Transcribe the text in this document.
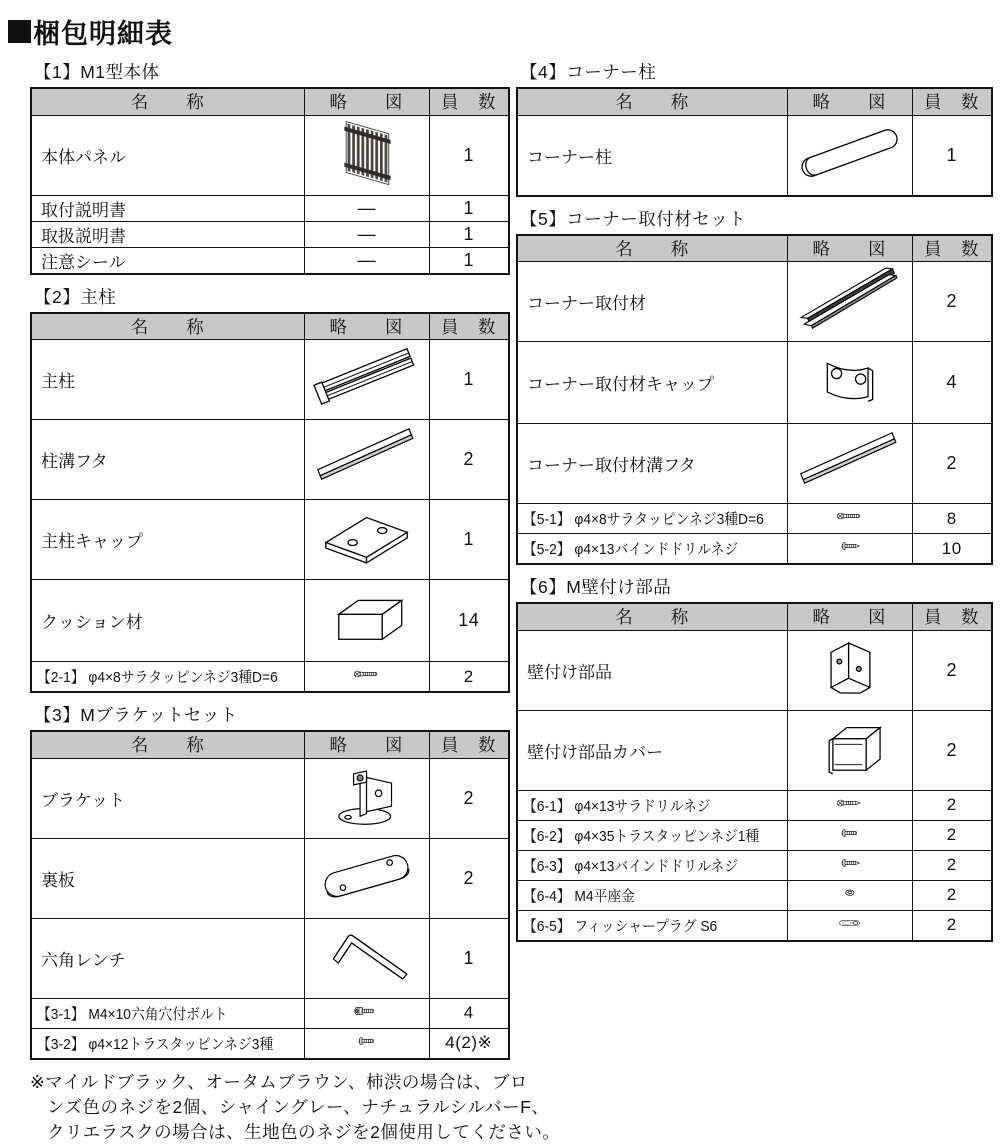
梱包明細表
【1】M1型本体
名　　称	略　　図	員　数
本体パネル		1
取付説明書	—	1
取扱説明書	—	1
注意シール	—	1
【2】主柱
名　　称	略　　図	員　数
主柱		1
柱溝フタ		2
主柱キャップ		1
クッション材		14
【2-1】 φ4×8サラタッピンネジ3種D=6		2
【3】Mブラケットセット
名　　称	略　　図	員　数
ブラケット		2
裏板		2
六角レンチ		1
【3-1】 M4×10六角穴付ボルト		4
【3-2】 φ4×12トラスタッピンネジ3種		4(2)※
【4】コーナー柱
名　　称	略　　図	員　数
コーナー柱		1
【5】コーナー取付材セット
名　　称	略　　図	員　数
コーナー取付材		2
コーナー取付材キャップ		4
コーナー取付材溝フタ		2
【5-1】 φ4×8サラタッピンネジ3種D=6		8
【5-2】 φ4×13バインドドリルネジ		10
【6】M壁付け部品
名　　称	略　　図	員　数
壁付け部品		2
壁付け部品カバー		2
【6-1】 φ4×13サラドリルネジ		2
【6-2】 φ4×35トラスタッピンネジ1種		2
【6-3】 φ4×13バインドドリルネジ		2
【6-4】 M4平座金		2
【6-5】 フィッシャープラグ S6		2
※マイルドブラック、オータムブラウン、柿渋の場合は、ブロ
ンズ色のネジを2個、シャイングレー、ナチュラルシルバーF、
クリエラスクの場合は、生地色のネジを2個使用してください。
